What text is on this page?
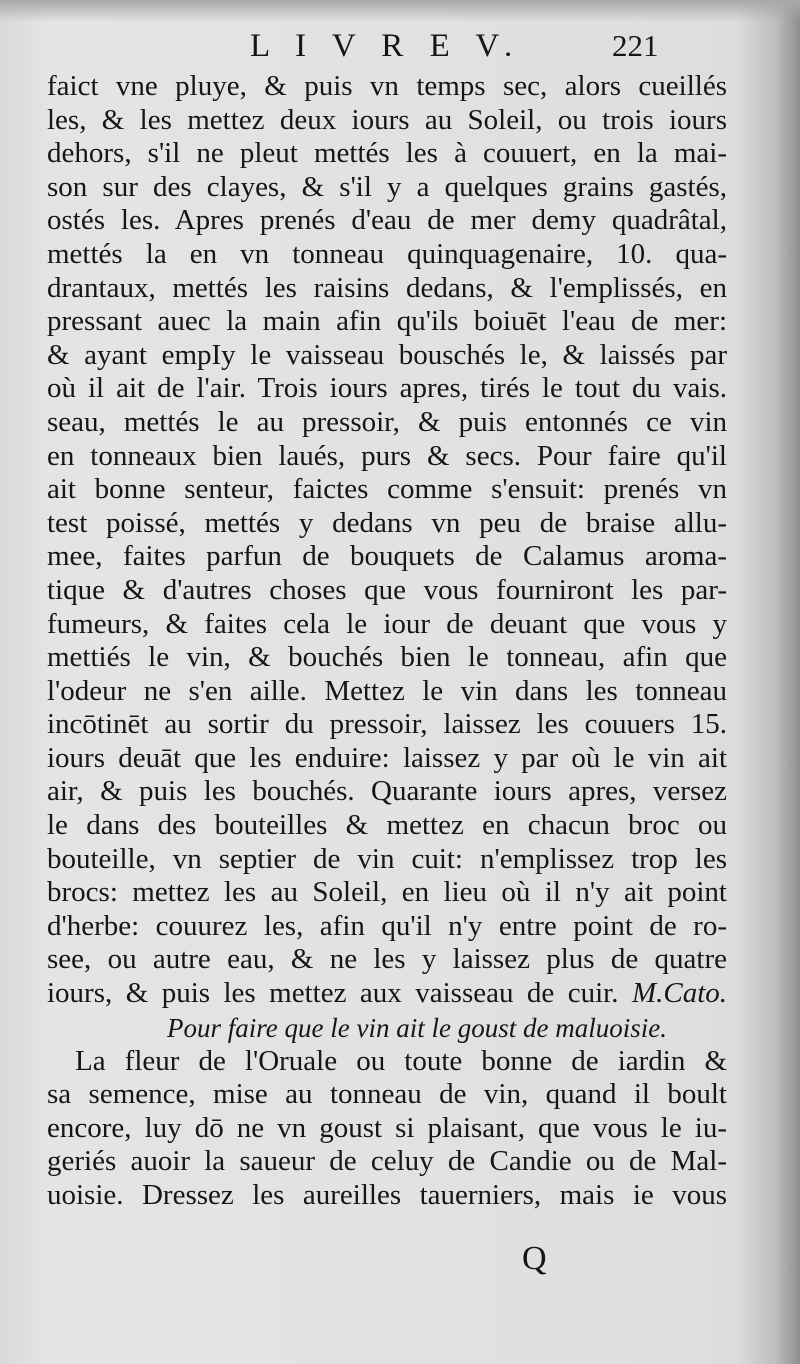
L I V R E V.	221
faict vne pluye, & puis vn temps sec, alors cueillés
les, & les mettez deux iours au Soleil, ou trois iours
dehors, s'il ne pleut mettés les à couuert, en la mai-
son sur des clayes, & s'il y a quelques grains gastés,
ostés les. Apres prenés d'eau de mer demy quadrâtal,
mettés la en vn tonneau quinquagenaire, 10. qua-
drantaux, mettés les raisins dedans, & l'emplissés, en
pressant auec la main afin qu'ils boiuēt l'eau de mer:
& ayant empIy le vaisseau bouschés le, & laissés par
où il ait de l'air. Trois iours apres, tirés le tout du vais.
seau, mettés le au pressoir, & puis entonnés ce vin
en tonneaux bien laués, purs & secs. Pour faire qu'il
ait bonne senteur, faictes comme s'ensuit: prenés vn
test poissé, mettés y dedans vn peu de braise allu-
mee, faites parfun de bouquets de Calamus aroma-
tique & d'autres choses que vous fourniront les par-
fumeurs, & faites cela le iour de deuant que vous y
mettiés le vin, & bouchés bien le tonneau, afin que
l'odeur ne s'en aille. Mettez le vin dans les tonneau
incōtinēt au sortir du pressoir, laissez les couuers 15.
iours deuāt que les enduire: laissez y par où le vin ait
air, & puis les bouchés. Quarante iours apres, versez
le dans des bouteilles & mettez en chacun broc ou
bouteille, vn septier de vin cuit: n'emplissez trop les
brocs: mettez les au Soleil, en lieu où il n'y ait point
d'herbe: couurez les, afin qu'il n'y entre point de ro-
see, ou autre eau, & ne les y laissez plus de quatre
iours, & puis les mettez aux vaisseau de cuir. M.Cato.
Pour faire que le vin ait le goust de maluoisie.
La fleur de l'Oruale ou toute bonne de iardin &
sa semence, mise au tonneau de vin, quand il boult
encore, luy dō ne vn goust si plaisant, que vous le iu-
geriés auoir la saueur de celuy de Candie ou de Mal-
uoisie. Dressez les aureilles tauerniers, mais ie vous
Q
